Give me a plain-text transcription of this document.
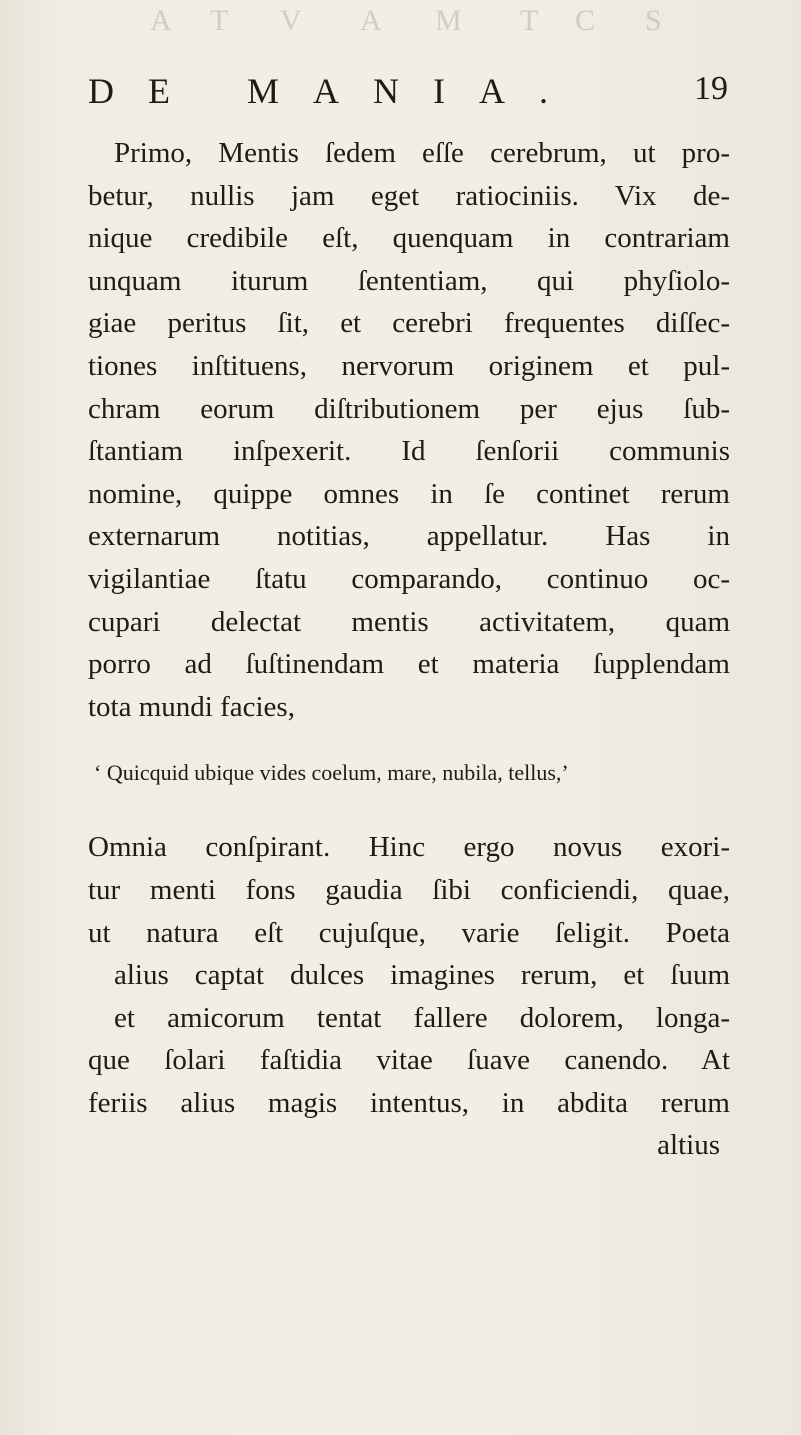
A T V A M T C S
DE MANIA.	19
Primo, Mentis ſedem eſſe cerebrum, ut pro-
betur, nullis jam eget ratiociniis. Vix de-
nique credibile eſt, quenquam in contrariam
unquam iturum ſententiam, qui phyſiolo-
giae peritus ſit, et cerebri frequentes diſſec-
tiones inſtituens, nervorum originem et pul-
chram eorum diſtributionem per ejus ſub-
ſtantiam inſpexerit. Id ſenſorii communis
nomine, quippe omnes in ſe continet rerum
externarum notitias, appellatur. Has in
vigilantiae ſtatu comparando, continuo oc-
cupari delectat mentis activitatem, quam
porro ad ſuſtinendam et materia ſupplendam
tota mundi facies,
‘ Quicquid ubique vides coelum, mare, nubila, tellus,’
Omnia conſpirant. Hinc ergo novus exori-
tur menti fons gaudia ſibi conficiendi, quae,
ut natura eſt cujuſque, varie ſeligit. Poeta
alius captat dulces imagines rerum, et ſuum
et amicorum tentat fallere dolorem, longa-
que ſolari faſtidia vitae ſuave canendo. At
feriis alius magis intentus, in abdita rerum
altius
